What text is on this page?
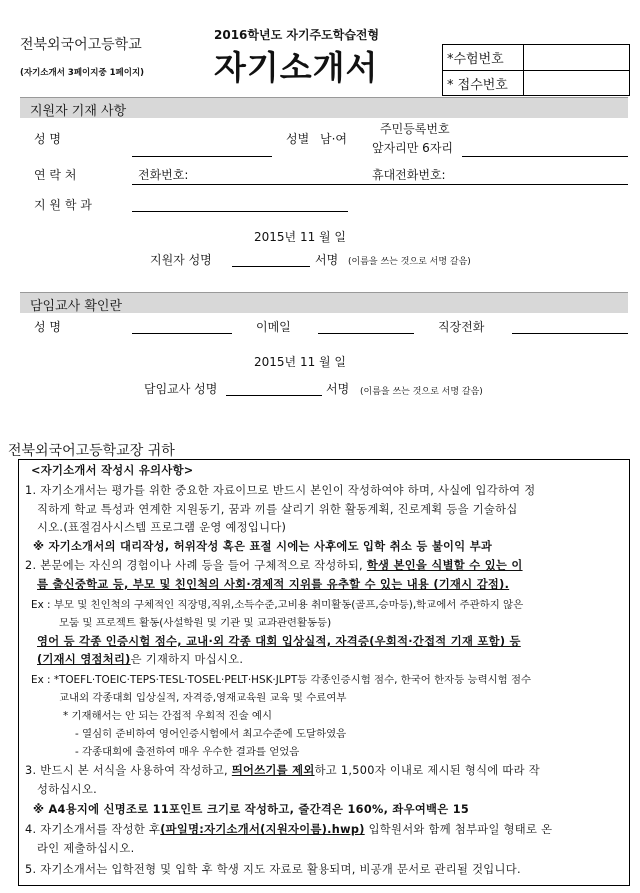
전북외국어고등학교
(자기소개서 3페이지중 1페이지)
2016학년도 자기주도학습전형
자기소개서	*수험번호
* 접수번호
지원자 기재 사항
성 명	성별 남·여
주민등록번호
앞자리만 6자리
연 락 처	전화번호:	휴대전화번호:
지 원 학 과
2015년 11 월 일
지원자 성명	서명 (이름을 쓰는 것으로 서명 갈음)
담임교사 확인란
성 명	이메일	직장전화
2015년 11 월 일
담임교사 성명	서명 (이름을 쓰는 것으로 서명 갈음)
전북외국어고등학교장 귀하
<자기소개서 작성시 유의사항>
1. 자기소개서는 평가를 위한 중요한 자료이므로 반드시 본인이 작성하여야 하며, 사실에 입각하여 정
직하게 학교 특성과 연계한 지원동기, 꿈과 끼를 살리기 위한 활동계획, 진로계획 등을 기술하십
시오.(표절검사시스템 프로그램 운영 예정입니다)
※ 자기소개서의 대리작성, 허위작성 혹은 표절 시에는 사후에도 입학 취소 등 불이익 부과
2. 본문에는 자신의 경험이나 사례 등을 들어 구체적으로 작성하되, 학생 본인을 식별할 수 있는 이
름 출신중학교 등, 부모 및 친인척의 사회·경제적 지위를 유추할 수 있는 내용 (기재시 감점).
Ex : 부모 및 친인척의 구체적인 직장명,직위,소득수준,고비용 취미활동(골프,승마등),학교에서 주관하지 않은
모둠 및 프로젝트 활동(사설학원 및 기관 및 교과관련활동등)
영어 등 각종 인증시험 점수, 교내·외 각종 대회 입상실적, 자격증(우회적·간접적 기재 포함) 등
(기재시 영점처리)은 기재하지 마십시오.
Ex : *TOEFL·TOEIC·TEPS·TESL·TOSEL·PELT·HSK·JLPT등 각종인증시험 점수, 한국어 한자등 능력시험 점수
교내외 각종대회 입상실적, 자격증,영재교육원 교육 및 수료여부
* 기재해서는 안 되는 간접적 우회적 진술 예시
- 열심히 준비하여 영어인증시험에서 최고수준에 도달하였음
- 각종대회에 출전하여 매우 우수한 결과를 얻었음
3. 반드시 본 서식을 사용하여 작성하고, 띄어쓰기를 제외하고 1,500자 이내로 제시된 형식에 따라 작
성하십시오.
※ A4용지에 신명조로 11포인트 크기로 작성하고, 줄간격은 160%, 좌우여백은 15
4. 자기소개서를 작성한 후(파일명:자기소개서(지원자이름).hwp) 입학원서와 함께 첨부파일 형태로 온
라인 제출하십시오.
5. 자기소개서는 입학전형 및 입학 후 학생 지도 자료로 활용되며, 비공개 문서로 관리될 것입니다.
